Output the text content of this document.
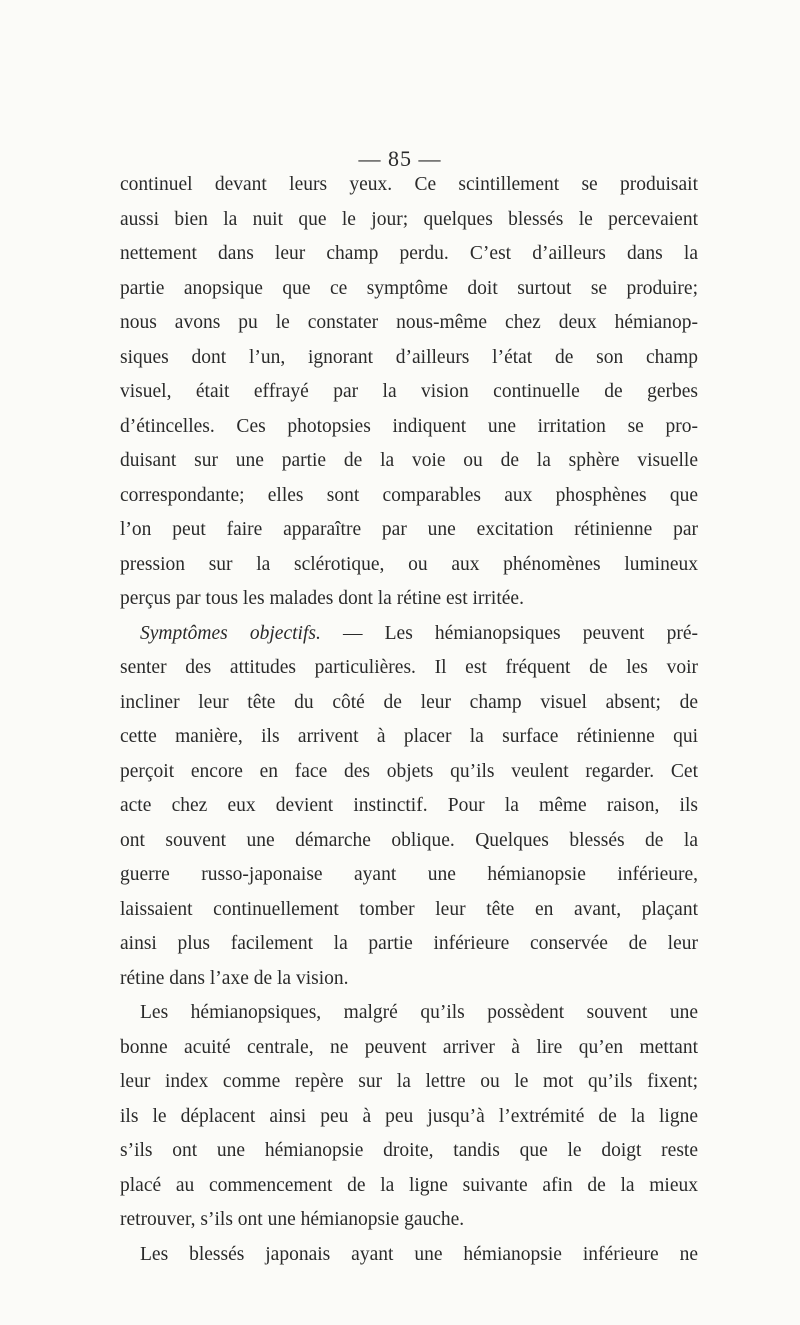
— 85 —
continuel devant leurs yeux. Ce scintillement se produisait
aussi bien la nuit que le jour; quelques blessés le percevaient
nettement dans leur champ perdu. C’est d’ailleurs dans la
partie anopsique que ce symptôme doit surtout se produire;
nous avons pu le constater nous-même chez deux hémianop-
siques dont l’un, ignorant d’ailleurs l’état de son champ
visuel, était effrayé par la vision continuelle de gerbes
d’étincelles. Ces photopsies indiquent une irritation se pro-
duisant sur une partie de la voie ou de la sphère visuelle
correspondante; elles sont comparables aux phosphènes que
l’on peut faire apparaître par une excitation rétinienne par
pression sur la sclérotique, ou aux phénomènes lumineux
perçus par tous les malades dont la rétine est irritée.
Symptômes objectifs. — Les hémianopsiques peuvent pré-
senter des attitudes particulières. Il est fréquent de les voir
incliner leur tête du côté de leur champ visuel absent; de
cette manière, ils arrivent à placer la surface rétinienne qui
perçoit encore en face des objets qu’ils veulent regarder. Cet
acte chez eux devient instinctif. Pour la même raison, ils
ont souvent une démarche oblique. Quelques blessés de la
guerre russo-japonaise ayant une hémianopsie inférieure,
laissaient continuellement tomber leur tête en avant, plaçant
ainsi plus facilement la partie inférieure conservée de leur
rétine dans l’axe de la vision.
Les hémianopsiques, malgré qu’ils possèdent souvent une
bonne acuité centrale, ne peuvent arriver à lire qu’en mettant
leur index comme repère sur la lettre ou le mot qu’ils fixent;
ils le déplacent ainsi peu à peu jusqu’à l’extrémité de la ligne
s’ils ont une hémianopsie droite, tandis que le doigt reste
placé au commencement de la ligne suivante afin de la mieux
retrouver, s’ils ont une hémianopsie gauche.
Les blessés japonais ayant une hémianopsie inférieure ne
